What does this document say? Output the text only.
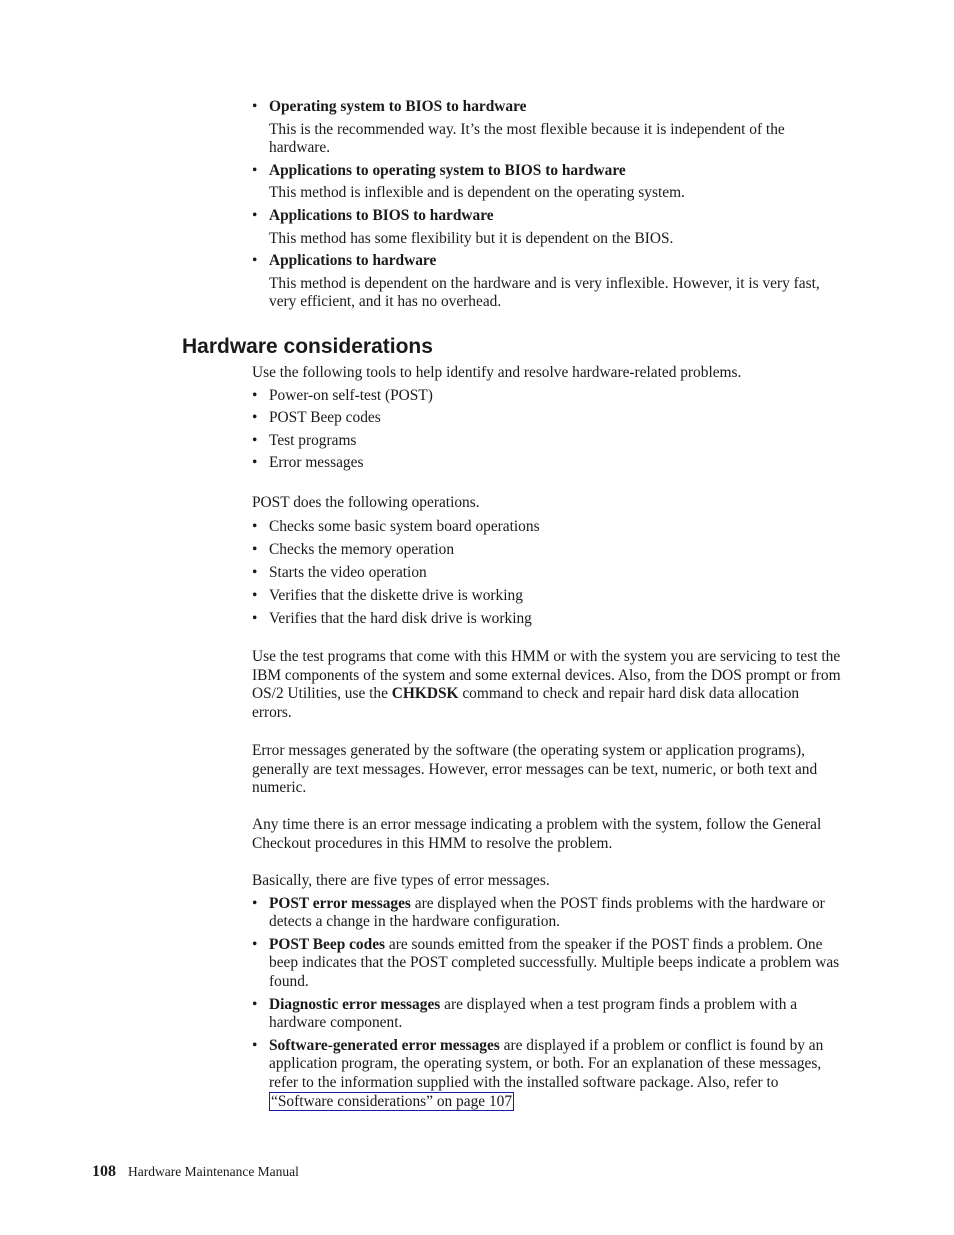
• Operating system to BIOS to hardware
This is the recommended way. It’s the most flexible because it is independent of the hardware.
• Applications to operating system to BIOS to hardware
This method is inflexible and is dependent on the operating system.
• Applications to BIOS to hardware
This method has some flexibility but it is dependent on the BIOS.
• Applications to hardware
This method is dependent on the hardware and is very inflexible. However, it is very fast, very efficient, and it has no overhead.
Hardware considerations

Use the following tools to help identify and resolve hardware-related problems.

• Power-on self-test (POST)
• POST Beep codes
• Test programs
• Error messages

POST does the following operations.

• Checks some basic system board operations
• Checks the memory operation
• Starts the video operation
• Verifies that the diskette drive is working
• Verifies that the hard disk drive is working

Use the test programs that come with this HMM or with the system you are servicing to test the IBM components of the system and some external devices. Also, from the DOS prompt or from OS/2 Utilities, use the CHKDSK command to check and repair hard disk data allocation errors.

Error messages generated by the software (the operating system or application programs), generally are text messages. However, error messages can be text, numeric, or both text and numeric.

Any time there is an error message indicating a problem with the system, follow the General Checkout procedures in this HMM to resolve the problem.

Basically, there are five types of error messages.

• POST error messages are displayed when the POST finds problems with the hardware or detects a change in the hardware configuration.
• POST Beep codes are sounds emitted from the speaker if the POST finds a problem. One beep indicates that the POST completed successfully. Multiple beeps indicate a problem was found.
• Diagnostic error messages are displayed when a test program finds a problem with a hardware component.
• Software-generated error messages are displayed if a problem or conflict is found by an application program, the operating system, or both. For an explanation of these messages, refer to the information supplied with the installed software package. Also, refer to “Software considerations” on page 107
108 Hardware Maintenance Manual
